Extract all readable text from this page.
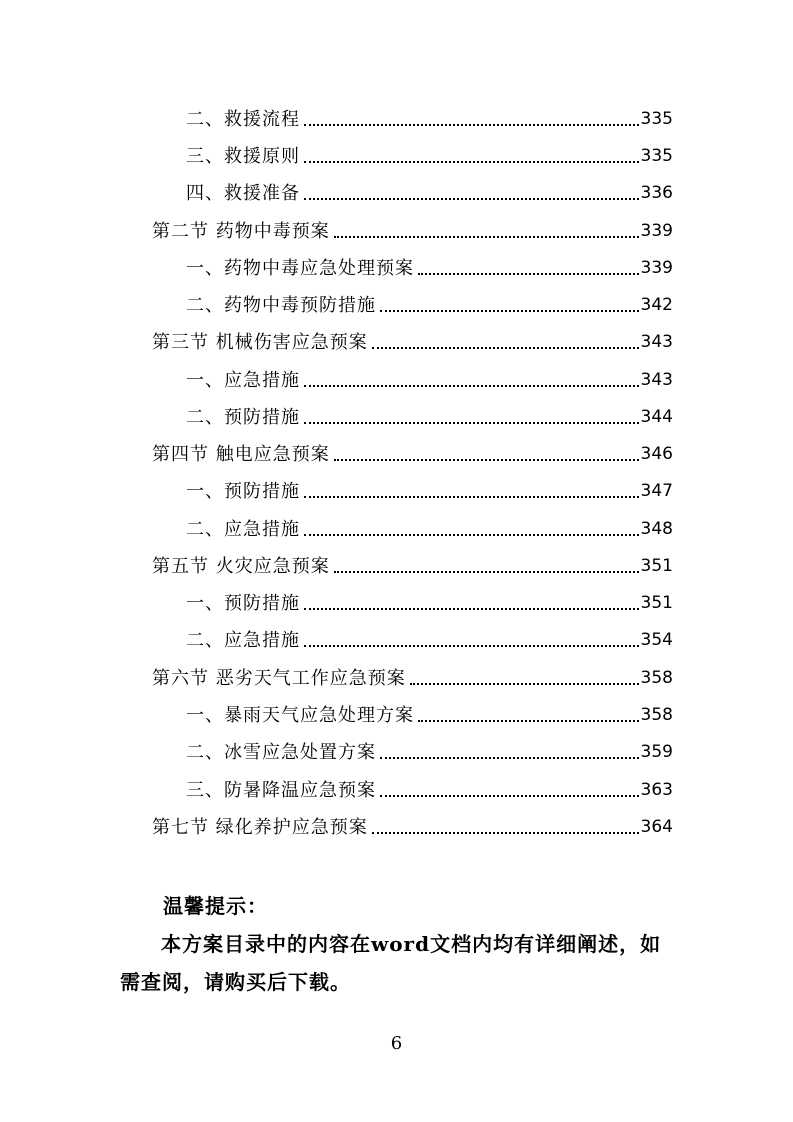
二、救援流程	335
三、救援原则	335
四、救援准备	336
第二节 药物中毒预案	339
一、药物中毒应急处理预案	339
二、药物中毒预防措施	342
第三节 机械伤害应急预案	343
一、应急措施	343
二、预防措施	344
第四节 触电应急预案	346
一、预防措施	347
二、应急措施	348
第五节 火灾应急预案	351
一、预防措施	351
二、应急措施	354
第六节 恶劣天气工作应急预案	358
一、暴雨天气应急处理方案	358
二、冰雪应急处置方案	359
三、防暑降温应急预案	363
第七节 绿化养护应急预案	364
温馨提示：
本方案目录中的内容在word文档内均有详细阐述，如需查阅，请购买后下载。
6
